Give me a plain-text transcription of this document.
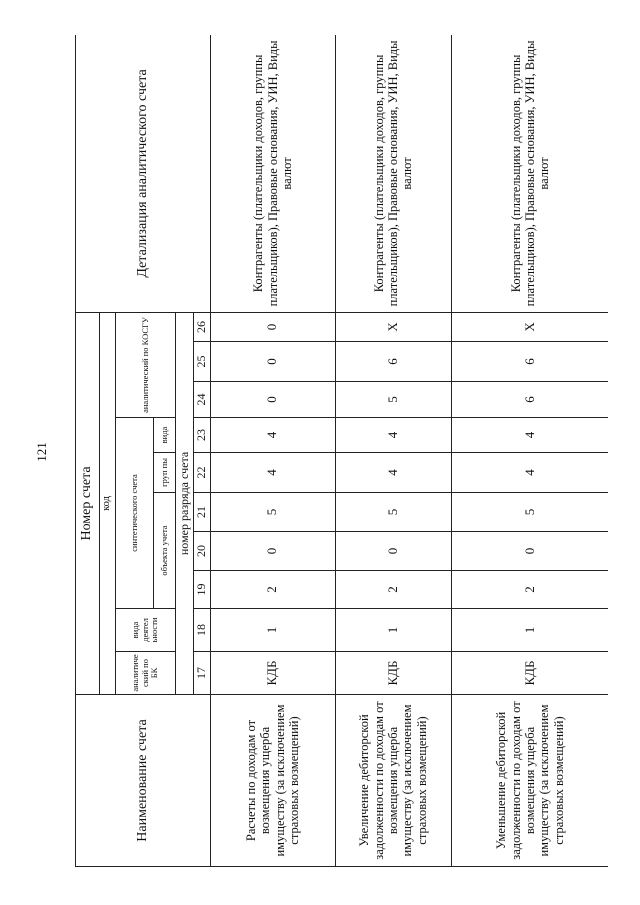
121
Наименование счета	Номер счета										Детализация аналитического счета
	код										
	аналитиче ский по БК	вида деятел ьности	синтетического счета					аналитический по КОСГУ			
			объекта учета			груп пы	вида				
	номер разряда счета										
	17	18	19	20	21	22	23	24	25	26	
Расчеты по доходам от возмещения ущерба имуществу (за исключением страховых возмещений)	КДБ	1	2	0	5	4	4	0	0	0	Контрагенты (плательщики доходов, группы плательщиков), Правовые основания, УИН, Виды валют
Увеличение дебиторской задолженности по доходам от возмещения ущерба имуществу (за исключением страховых возмещений)	КДБ	1	2	0	5	4	4	5	6	X	Контрагенты (плательщики доходов, группы плательщиков), Правовые основания, УИН, Виды валют
Уменьшение дебиторской задолженности по доходам от возмещения ущерба имуществу (за исключением страховых возмещений)	КДБ	1	2	0	5	4	4	6	6	X	Контрагенты (плательщики доходов, группы плательщиков), Правовые основания, УИН, Виды валют
